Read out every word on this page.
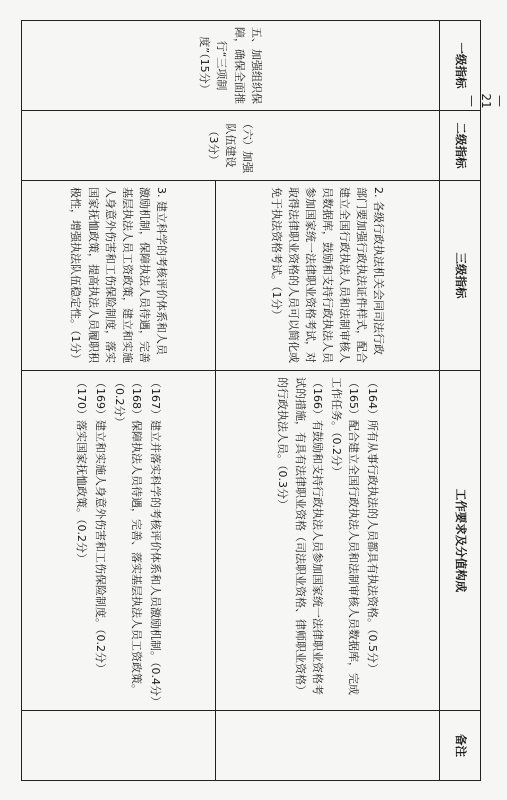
一级指标	二级指标	三级指标	工作要求及分值构成	备注
五、加强组织保障，确保全面推行“三项制度”（15分）	（六）加强队伍建设（3分）	2. 各级行政执法机关会同司法行政部门要加强行政执法证件样式，配合建立全国行政执法人员和法制审核人员数据库，鼓励和支持行政执法人员参加国家统一法律职业资格考试，对取得法律职业资格的人员可以简化或免于执法资格考试。（1分）	（164）所有从事行政执法的人员都具有执法资格。（0.5分）
（165）配合建立全国行政执法人员和法制审核人员数据库，完成工作任务。（0.2分）
（166）有鼓励和支持行政执法人员参加国家统一法律职业资格考试的措施，有具有法律职业资格（司法职业资格、律师职业资格）的行政执法人员。（0.3分）	

		3. 建立科学的考核评价体系和人员激励机制，保障执法人员待遇，完善基层执法人员工资政策，建立和实施人身意外伤害和工伤保险制度，落实国家抚恤政策，提高执法人员履职积极性，增强执法队伍稳定性。（1分）	（167）建立并落实科学的考核评价体系和人员激励机制。（0.4分）
（168）保障执法人员待遇，完善、落实基层执法人员工资政策。（0.2分）
（169）建立和实施人身意外伤害和工伤保险制度。（0.2分）
（170）落实国家抚恤政策。（0.2分）	

— 21 —
